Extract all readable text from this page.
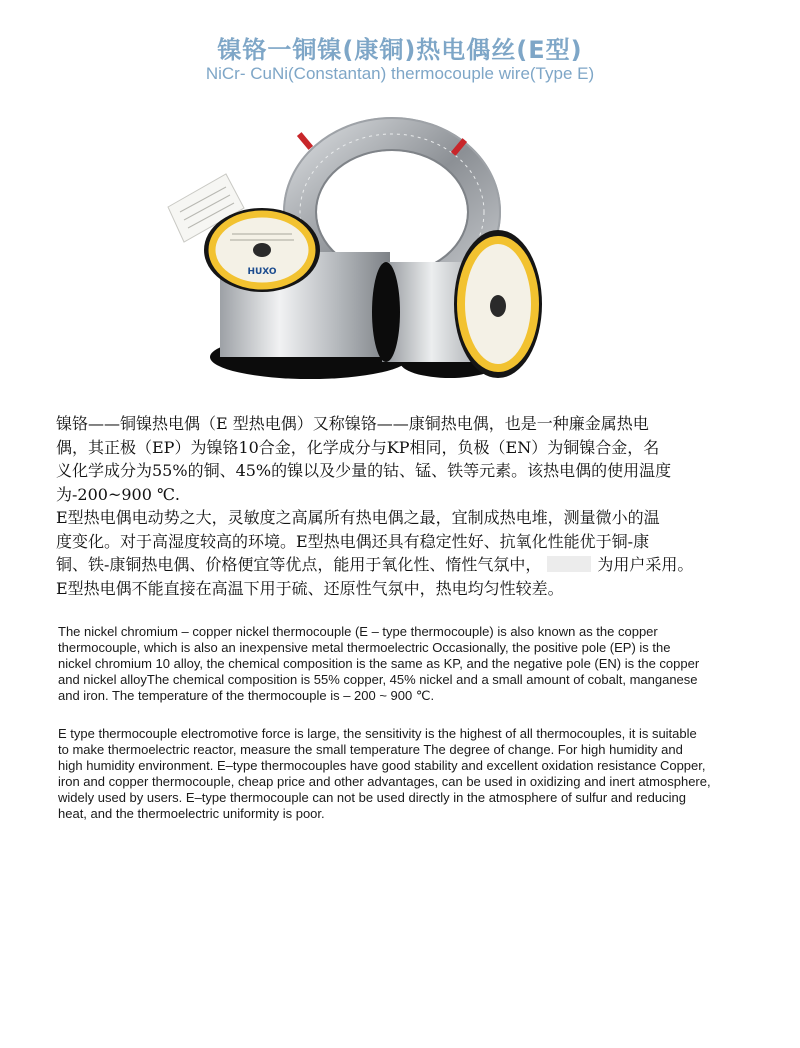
镍铬一铜镍(康铜)热电偶丝(E型)
NiCr- CuNi(Constantan) thermocouple wire(Type E)
HUXO
镍铬——铜镍热电偶（E 型热电偶）又称镍铬——康铜热电偶，也是一种廉金属热电
偶，其正极（EP）为镍铬10合金，化学成分与KP相同，负极（EN）为铜镍合金，名
义化学成分为55%的铜、45%的镍以及少量的钴、锰、铁等元素。该热电偶的使用温度
为-200~900 ℃.
E型热电偶电动势之大，灵敏度之高属所有热电偶之最，宜制成热电堆，测量微小的温
度变化。对于高湿度较高的环境。E型热电偶还具有稳定性好、抗氧化性能优于铜-康
铜、铁-康铜热电偶、价格便宜等优点，能用于氧化性、惰性气氛中，	为用户采用。
E型热电偶不能直接在高温下用于硫、还原性气氛中，热电均匀性较差。
The nickel chromium – copper nickel thermocouple (E – type thermocouple) is also known as the copper
thermocouple, which is also an inexpensive metal thermoelectric Occasionally, the positive pole (EP) is the
nickel chromium 10 alloy, the chemical composition is the same as KP, and the negative pole (EN) is the copper
and nickel alloyThe chemical composition is 55% copper, 45% nickel and a small amount of cobalt, manganese
and iron. The temperature of the thermocouple is – 200 ~ 900 ℃.
E type thermocouple electromotive force is large, the sensitivity is the highest of all thermocouples, it is suitable
to make thermoelectric reactor, measure the small temperature The degree of change. For high humidity and
high humidity environment. E–type thermocouples have good stability and excellent oxidation resistance Copper,
iron and copper thermocouple, cheap price and other advantages, can be used in oxidizing and inert atmosphere,
widely used by users. E–type thermocouple can not be used directly in the atmosphere of sulfur and reducing
heat, and the thermoelectric uniformity is poor.
